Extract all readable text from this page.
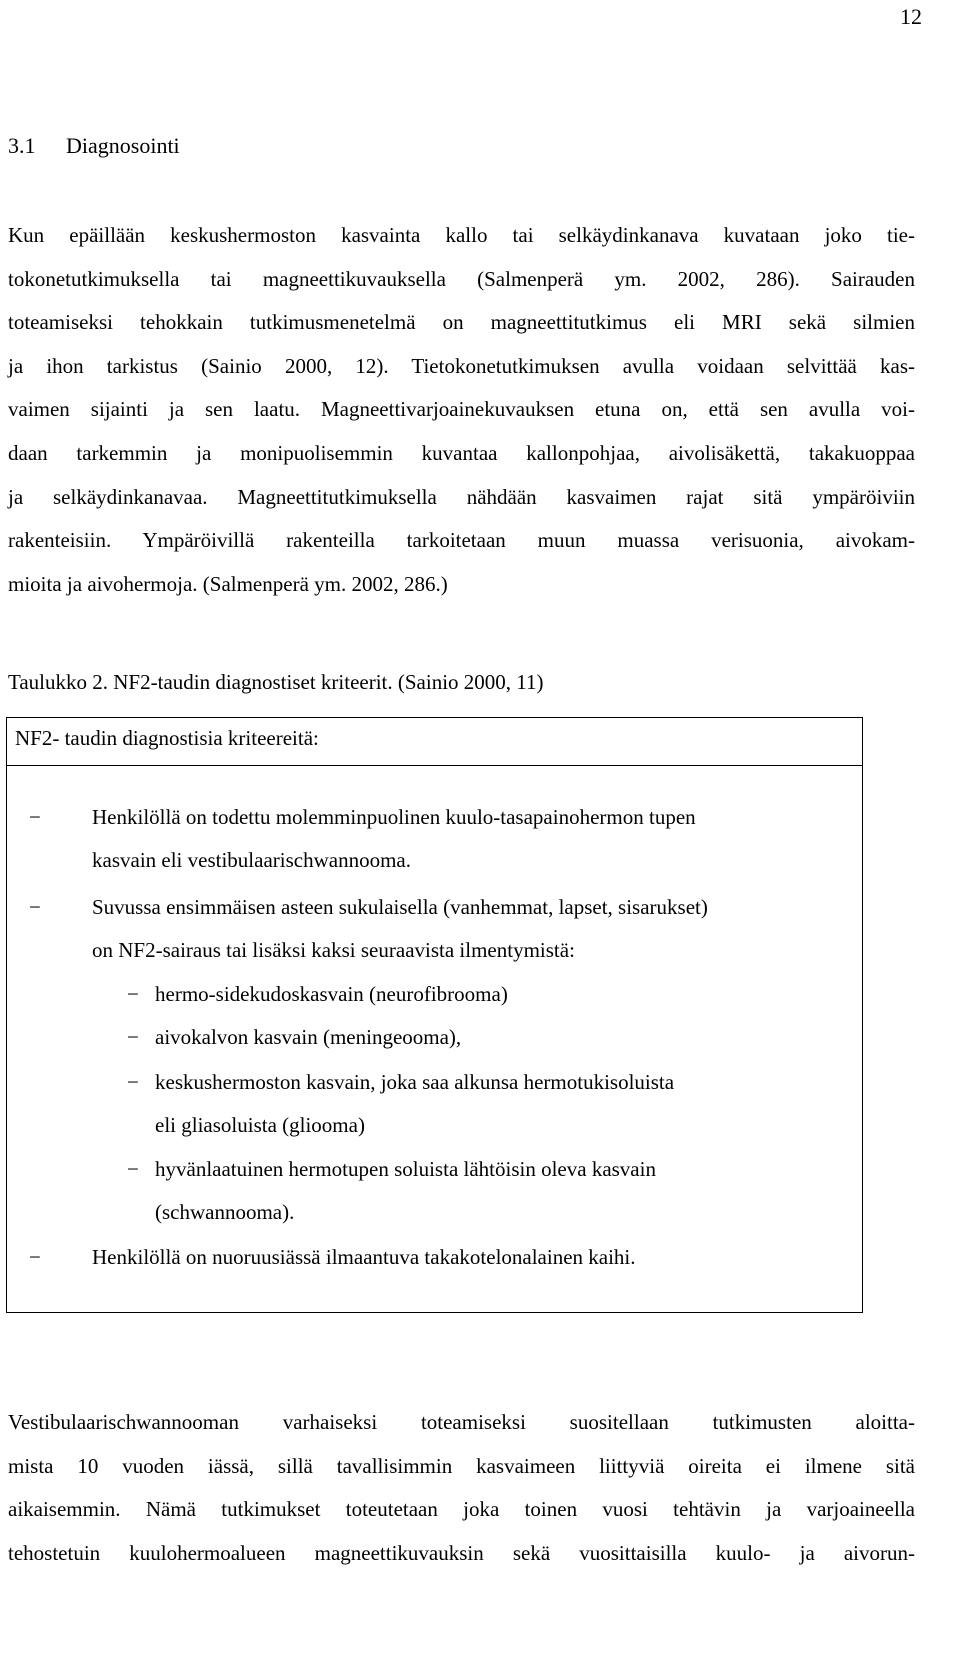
12
3.1 Diagnosointi
Kun epäillään keskushermoston kasvainta kallo tai selkäydinkanava kuvataan joko tie-
tokonetutkimuksella tai magneettikuvauksella (Salmenperä ym. 2002, 286). Sairauden
toteamiseksi tehokkain tutkimusmenetelmä on magneettitutkimus eli MRI sekä silmien
ja ihon tarkistus (Sainio 2000, 12). Tietokonetutkimuksen avulla voidaan selvittää kas-
vaimen sijainti ja sen laatu. Magneettivarjoainekuvauksen etuna on, että sen avulla voi-
daan tarkemmin ja monipuolisemmin kuvantaa kallonpohjaa, aivolisäkettä, takakuoppaa
ja selkäydinkanavaa. Magneettitutkimuksella nähdään kasvaimen rajat sitä ympäröiviin
rakenteisiin. Ympäröivillä rakenteilla tarkoitetaan muun muassa verisuonia, aivokam-
mioita ja aivohermoja. (Salmenperä ym. 2002, 286.)
Taulukko 2. NF2-taudin diagnostiset kriteerit. (Sainio 2000, 11)
NF2- taudin diagnostisia kriteereitä:
− Henkilöllä on todettu molemminpuolinen kuulo-tasapainohermon tupen
kasvain eli vestibulaarischwannooma.
− Suvussa ensimmäisen asteen sukulaisella (vanhemmat, lapset, sisarukset)
on NF2-sairaus tai lisäksi kaksi seuraavista ilmentymistä:
− hermo-sidekudoskasvain (neurofibrooma)
− aivokalvon kasvain (meningeooma),
− keskushermoston kasvain, joka saa alkunsa hermotukisoluista
eli gliasoluista (gliooma)
− hyvänlaatuinen hermotupen soluista lähtöisin oleva kasvain
(schwannooma).
− Henkilöllä on nuoruusiässä ilmaantuva takakotelonalainen kaihi.
Vestibulaarischwannooman varhaiseksi toteamiseksi suositellaan tutkimusten aloitta-
mista 10 vuoden iässä, sillä tavallisimmin kasvaimeen liittyviä oireita ei ilmene sitä
aikaisemmin. Nämä tutkimukset toteutetaan joka toinen vuosi tehtävin ja varjoaineella
tehostetuin kuulohermoalueen magneettikuvauksin sekä vuosittaisilla kuulo- ja aivorun-
